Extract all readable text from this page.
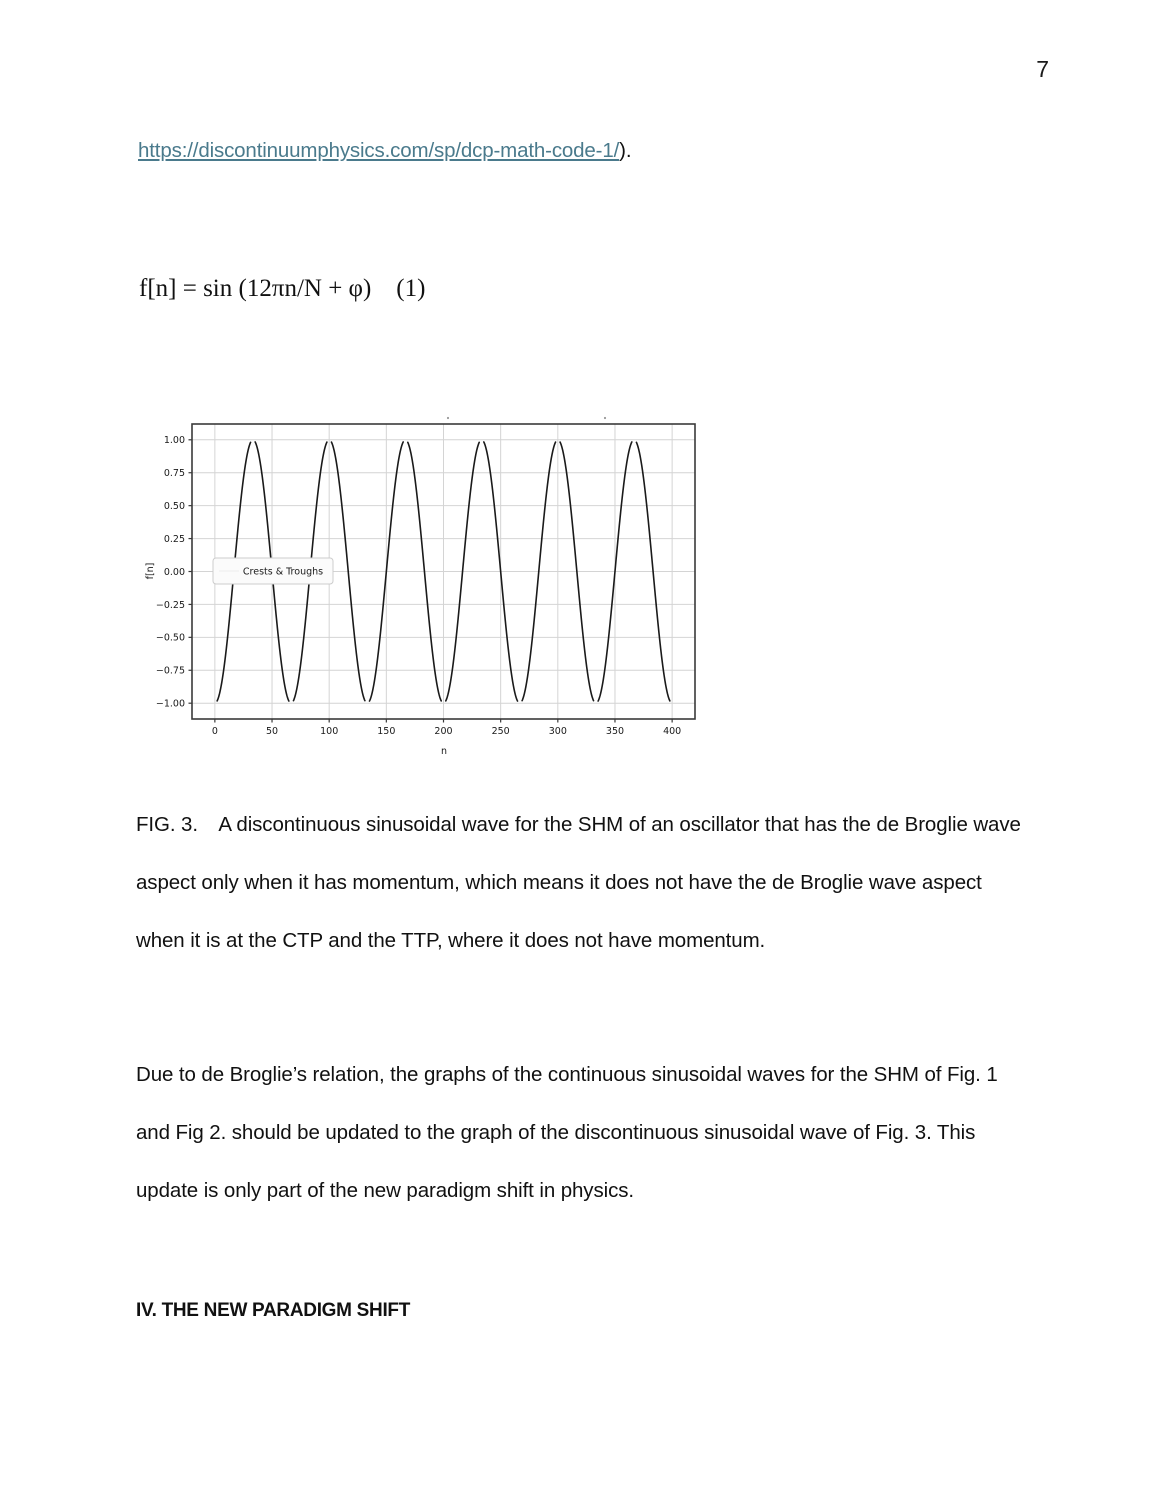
7
https://discontinuumphysics.com/sp/dcp-math-code-1/).
f[n] = sin (12πn/N + φ)    (1)
−1.00
−0.75
−0.50
−0.25
0.00
0.25
0.50
0.75
1.00
0	50	100	150	200	250	300	350	400
f[n]
n
Crests & Troughs
FIG. 3. A discontinuous sinusoidal wave for the SHM of an oscillator that has the de Broglie wave aspect only when it has momentum, which means it does not have the de Broglie wave aspect when it is at the CTP and the TTP, where it does not have momentum.
Due to de Broglie’s relation, the graphs of the continuous sinusoidal waves for the SHM of Fig. 1 and Fig 2. should be updated to the graph of the discontinuous sinusoidal wave of Fig. 3. This update is only part of the new paradigm shift in physics.
IV. THE NEW PARADIGM SHIFT
